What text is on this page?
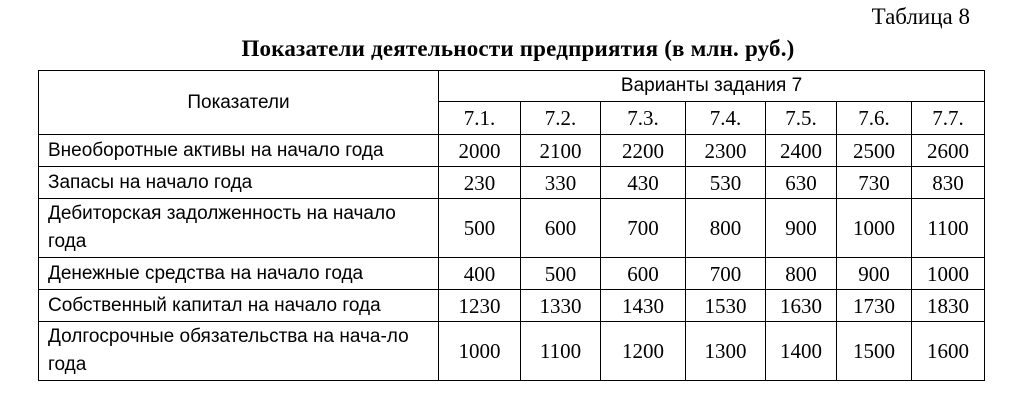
Таблица 8
Показатели деятельности предприятия (в млн. руб.)
Показатели	Варианты задания 7						
	7.1.	7.2.	7.3.	7.4.	7.5.	7.6.	7.7.
Внеоборотные активы на начало года	2000	2100	2200	2300	2400	2500	2600
Запасы на начало года	230	330	430	530	630	730	830
Дебиторская задолженность на начало года	500	600	700	800	900	1000	1100
Денежные средства на начало года	400	500	600	700	800	900	1000
Собственный капитал на начало года	1230	1330	1430	1530	1630	1730	1830
Долгосрочные обязательства на нача-ло года	1000	1100	1200	1300	1400	1500	1600
